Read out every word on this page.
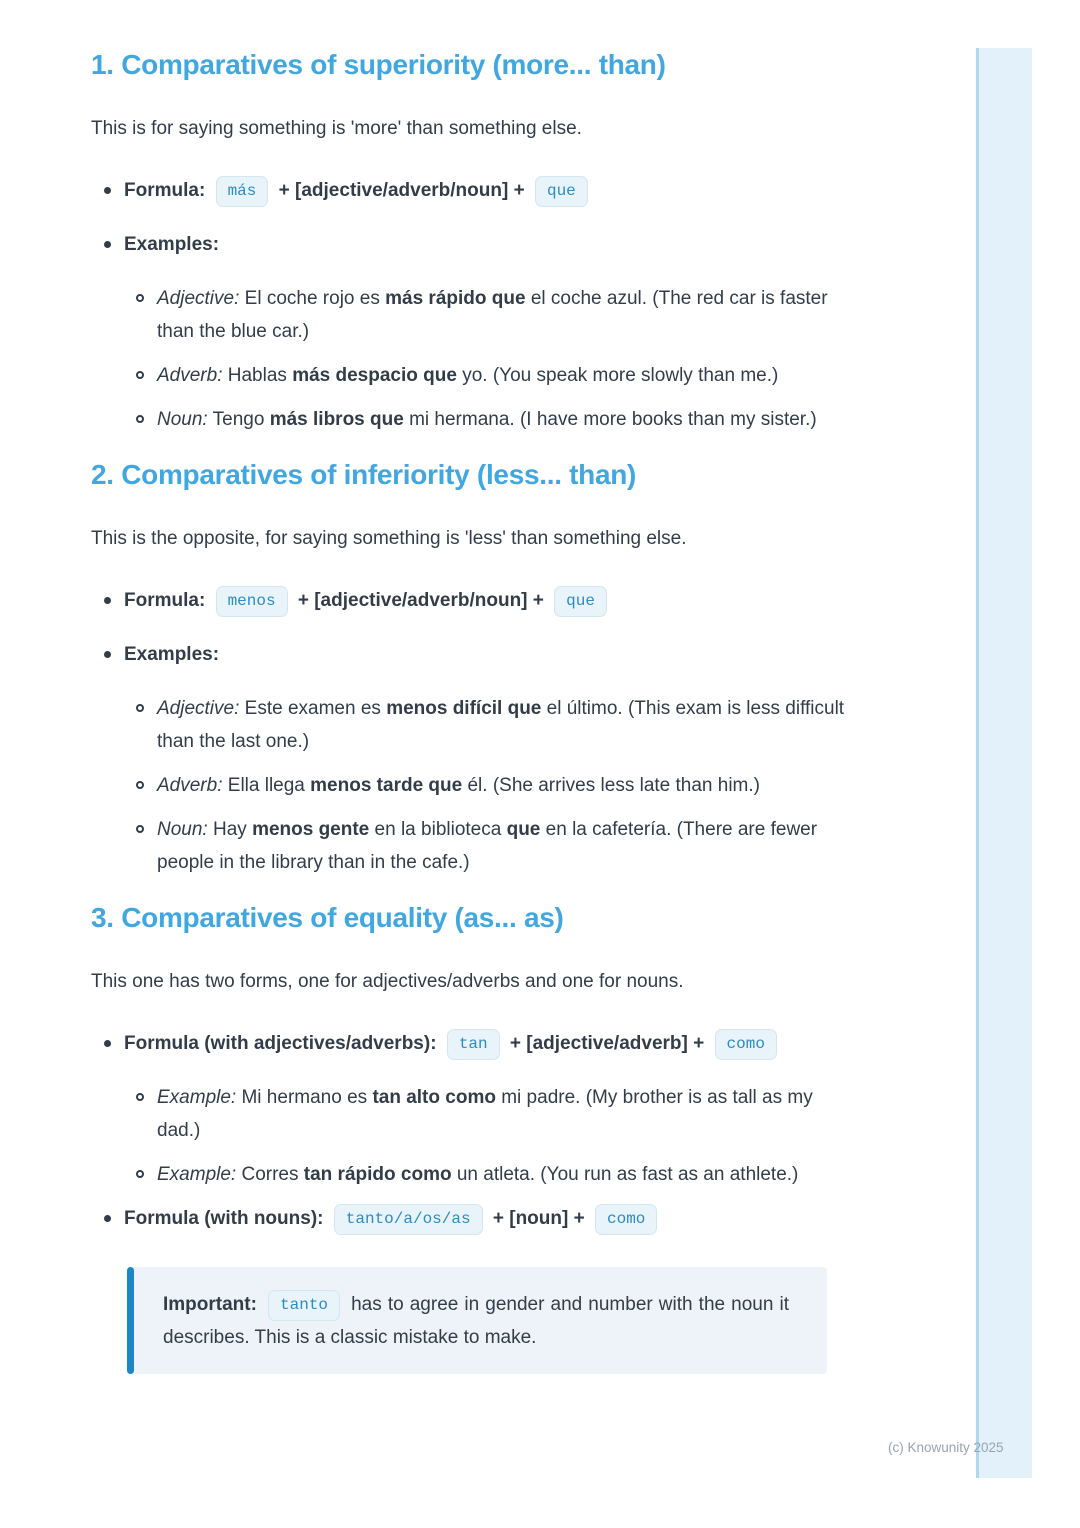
1. Comparatives of superiority (more... than)

This is for saying something is 'more' than something else.

Formula: más + [adjective/adverb/noun] + que
Examples:
Adjective: El coche rojo es más rápido que el coche azul. (The red car is faster than the blue car.)
Adverb: Hablas más despacio que yo. (You speak more slowly than me.)
Noun: Tengo más libros que mi hermana. (I have more books than my sister.)
2. Comparatives of inferiority (less... than)

This is the opposite, for saying something is 'less' than something else.

Formula: menos + [adjective/adverb/noun] + que
Examples:
Adjective: Este examen es menos difícil que el último. (This exam is less difficult than the last one.)
Adverb: Ella llega menos tarde que él. (She arrives less late than him.)
Noun: Hay menos gente en la biblioteca que en la cafetería. (There are fewer people in the library than in the cafe.)
3. Comparatives of equality (as... as)

This one has two forms, one for adjectives/adverbs and one for nouns.

Formula (with adjectives/adverbs): tan + [adjective/adverb] + como
Example: Mi hermano es tan alto como mi padre. (My brother is as tall as my dad.)
Example: Corres tan rápido como un atleta. (You run as fast as an athlete.)
Formula (with nouns): tanto/a/os/as + [noun] + como
Important: tanto has to agree in gender and number with the noun it describes. This is a classic mistake to make.
(c) Knowunity 2025
